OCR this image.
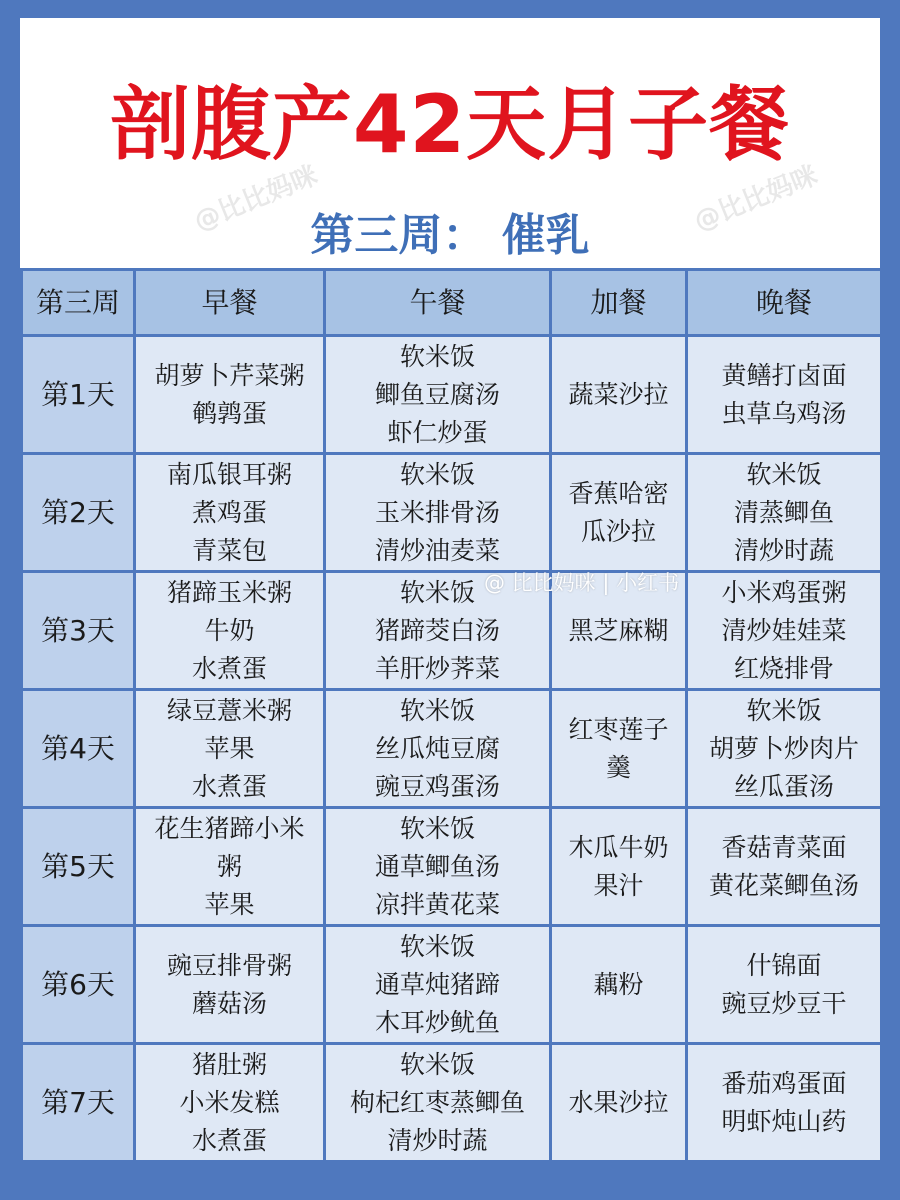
剖腹产42天月子餐
第三周： 催乳
@比比妈咪	@比比妈咪
第三周	早餐	午餐	加餐	晚餐
第1天	胡萝卜芹菜粥
鹌鹑蛋	软米饭
鲫鱼豆腐汤
虾仁炒蛋	蔬菜沙拉	黄鳝打卤面
虫草乌鸡汤

第2天	南瓜银耳粥
煮鸡蛋
青菜包	软米饭
玉米排骨汤
清炒油麦菜	香蕉哈密
瓜沙拉	软米饭
清蒸鲫鱼
清炒时蔬

第3天	猪蹄玉米粥
牛奶
水煮蛋	软米饭
猪蹄茭白汤
羊肝炒荠菜	黑芝麻糊	小米鸡蛋粥
清炒娃娃菜
红烧排骨

第4天	绿豆薏米粥
苹果
水煮蛋	软米饭
丝瓜炖豆腐
豌豆鸡蛋汤	红枣莲子
羹	软米饭
胡萝卜炒肉片
丝瓜蛋汤

第5天	花生猪蹄小米
粥
苹果	软米饭
通草鲫鱼汤
凉拌黄花菜	木瓜牛奶
果汁	香菇青菜面
黄花菜鲫鱼汤

第6天	豌豆排骨粥
蘑菇汤	软米饭
通草炖猪蹄
木耳炒鱿鱼	藕粉	什锦面
豌豆炒豆干

第7天	猪肚粥
小米发糕
水煮蛋	软米饭
枸杞红枣蒸鲫鱼
清炒时蔬	水果沙拉	番茄鸡蛋面
明虾炖山药
@ 比比妈咪 | 小红书
